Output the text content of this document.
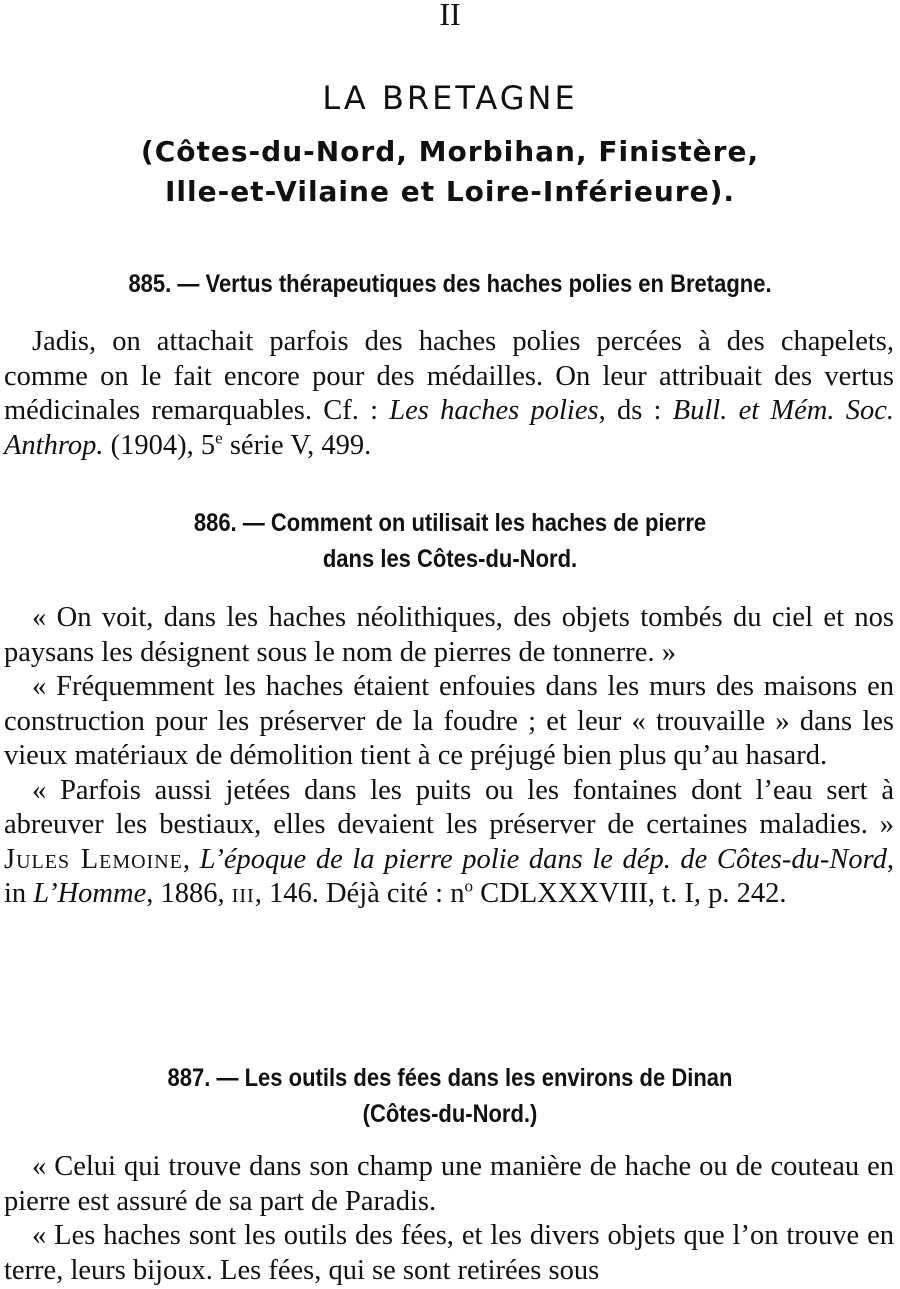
II
LA BRETAGNE
(Côtes-du-Nord, Morbihan, Finistère,
Ille-et-Vilaine et Loire-Inférieure).
885. — Vertus thérapeutiques des haches polies en Bretagne.

Jadis, on attachait parfois des haches polies percées à des chapelets, comme on le fait encore pour des médailles. On leur attribuait des vertus médicinales remarquables. Cf. : Les haches polies, ds : Bull. et Mém. Soc. Anthrop. (1904), 5e série V, 499.

886. — Comment on utilisait les haches de pierre
dans les Côtes-du-Nord.

« On voit, dans les haches néolithiques, des objets tombés du ciel et nos paysans les désignent sous le nom de pierres de tonnerre. »

« Fréquemment les haches étaient enfouies dans les murs des maisons en construction pour les préserver de la foudre ; et leur « trouvaille » dans les vieux matériaux de démolition tient à ce préjugé bien plus qu’au hasard.

« Parfois aussi jetées dans les puits ou les fontaines dont l’eau sert à abreuver les bestiaux, elles devaient les préserver de certaines maladies. » Jules Lemoine, L’époque de la pierre polie dans le dép. de Côtes-du-Nord, in L’Homme, 1886, iii, 146. Déjà cité : $n^o$ CDLXXXVIII, t. I, p. 242.

887. — Les outils des fées dans les environs de Dinan
(Côtes-du-Nord.)

« Celui qui trouve dans son champ une manière de hache ou de couteau en pierre est assuré de sa part de Paradis.

« Les haches sont les outils des fées, et les divers objets que l’on trouve en terre, leurs bijoux. Les fées, qui se sont retirées sous
